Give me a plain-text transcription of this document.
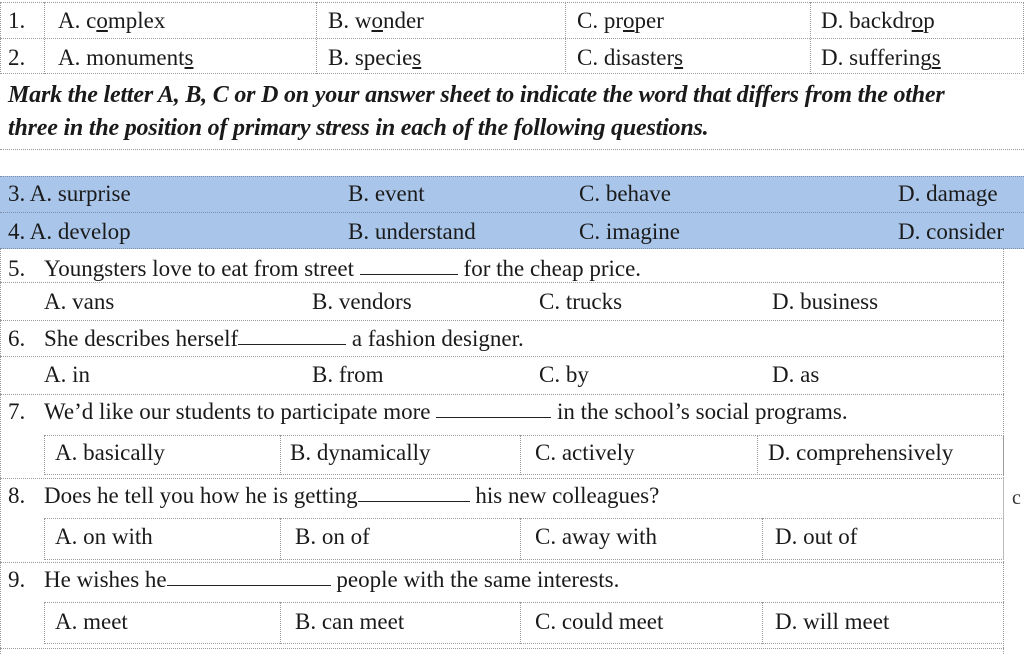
1. A. complex	B. wonder	C. proper	D. backdrop
2. A. monuments	B. species	C. disasters	D. sufferings
Mark the letter A, B, C or D on your answer sheet to indicate the word that differs from the other
three in the position of primary stress in each of the following questions.
3. A. surprise	B. event	C. behave	D. damage
4. A. develop	B. understand	C. imagine	D. consider
5. Youngsters love to eat from street	for the cheap price.
A. vans	B. vendors	C. trucks	D. business
6. She describes herself	a fashion designer.
A. in	B. from	C. by	D. as
7. We’d like our students to participate more	in the school’s social programs.
A. basically	B. dynamically	C. actively	D. comprehensively
8. Does he tell you how he is getting	his new colleagues?
A. on with	B. on of	C. away with	D. out of
c
9. He wishes he	people with the same interests.
A. meet	B. can meet	C. could meet	D. will meet
